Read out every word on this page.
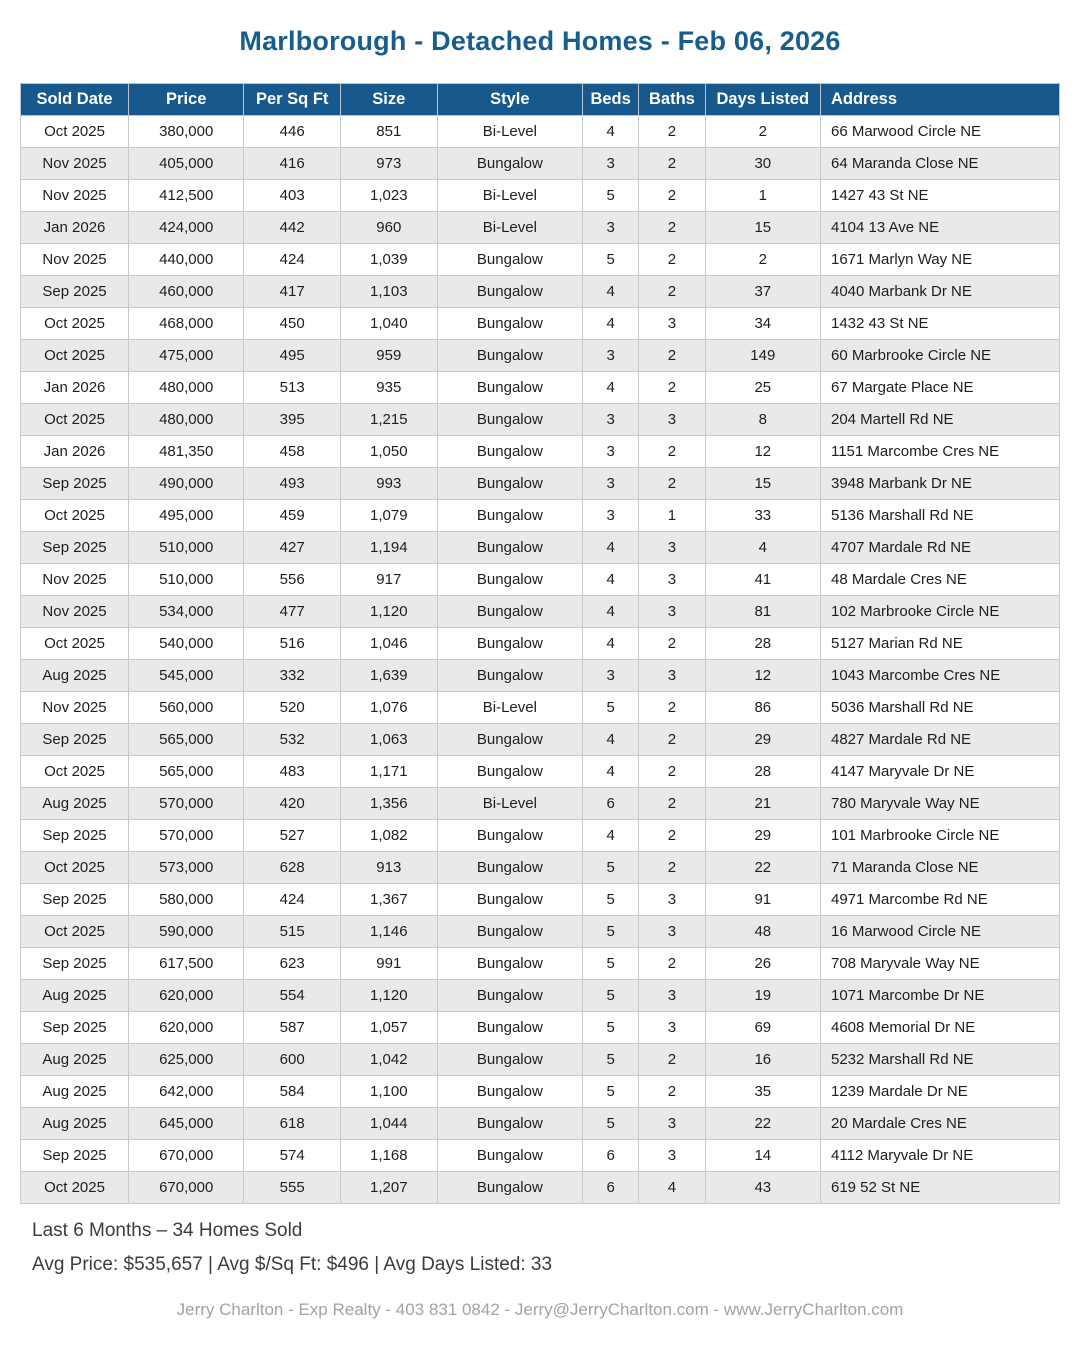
Marlborough - Detached Homes - Feb 06, 2026
Sold Date	Price	Per Sq Ft	Size	Style	Beds	Baths	Days Listed	Address
Oct 2025	380,000	446	851	Bi-Level	4	2	2	66 Marwood Circle NE
Nov 2025	405,000	416	973	Bungalow	3	2	30	64 Maranda Close NE
Nov 2025	412,500	403	1,023	Bi-Level	5	2	1	1427 43 St NE
Jan 2026	424,000	442	960	Bi-Level	3	2	15	4104 13 Ave NE
Nov 2025	440,000	424	1,039	Bungalow	5	2	2	1671 Marlyn Way NE
Sep 2025	460,000	417	1,103	Bungalow	4	2	37	4040 Marbank Dr NE
Oct 2025	468,000	450	1,040	Bungalow	4	3	34	1432 43 St NE
Oct 2025	475,000	495	959	Bungalow	3	2	149	60 Marbrooke Circle NE
Jan 2026	480,000	513	935	Bungalow	4	2	25	67 Margate Place NE
Oct 2025	480,000	395	1,215	Bungalow	3	3	8	204 Martell Rd NE
Jan 2026	481,350	458	1,050	Bungalow	3	2	12	1151 Marcombe Cres NE
Sep 2025	490,000	493	993	Bungalow	3	2	15	3948 Marbank Dr NE
Oct 2025	495,000	459	1,079	Bungalow	3	1	33	5136 Marshall Rd NE
Sep 2025	510,000	427	1,194	Bungalow	4	3	4	4707 Mardale Rd NE
Nov 2025	510,000	556	917	Bungalow	4	3	41	48 Mardale Cres NE
Nov 2025	534,000	477	1,120	Bungalow	4	3	81	102 Marbrooke Circle NE
Oct 2025	540,000	516	1,046	Bungalow	4	2	28	5127 Marian Rd NE
Aug 2025	545,000	332	1,639	Bungalow	3	3	12	1043 Marcombe Cres NE
Nov 2025	560,000	520	1,076	Bi-Level	5	2	86	5036 Marshall Rd NE
Sep 2025	565,000	532	1,063	Bungalow	4	2	29	4827 Mardale Rd NE
Oct 2025	565,000	483	1,171	Bungalow	4	2	28	4147 Maryvale Dr NE
Aug 2025	570,000	420	1,356	Bi-Level	6	2	21	780 Maryvale Way NE
Sep 2025	570,000	527	1,082	Bungalow	4	2	29	101 Marbrooke Circle NE
Oct 2025	573,000	628	913	Bungalow	5	2	22	71 Maranda Close NE
Sep 2025	580,000	424	1,367	Bungalow	5	3	91	4971 Marcombe Rd NE
Oct 2025	590,000	515	1,146	Bungalow	5	3	48	16 Marwood Circle NE
Sep 2025	617,500	623	991	Bungalow	5	2	26	708 Maryvale Way NE
Aug 2025	620,000	554	1,120	Bungalow	5	3	19	1071 Marcombe Dr NE
Sep 2025	620,000	587	1,057	Bungalow	5	3	69	4608 Memorial Dr NE
Aug 2025	625,000	600	1,042	Bungalow	5	2	16	5232 Marshall Rd NE
Aug 2025	642,000	584	1,100	Bungalow	5	2	35	1239 Mardale Dr NE
Aug 2025	645,000	618	1,044	Bungalow	5	3	22	20 Mardale Cres NE
Sep 2025	670,000	574	1,168	Bungalow	6	3	14	4112 Maryvale Dr NE
Oct 2025	670,000	555	1,207	Bungalow	6	4	43	619 52 St NE

Last 6 Months – 34 Homes Sold

Avg Price: $535,657 | Avg $/Sq Ft: $496 | Avg Days Listed: 33

Jerry Charlton - Exp Realty - 403 831 0842 - Jerry@JerryCharlton.com - www.JerryCharlton.com
